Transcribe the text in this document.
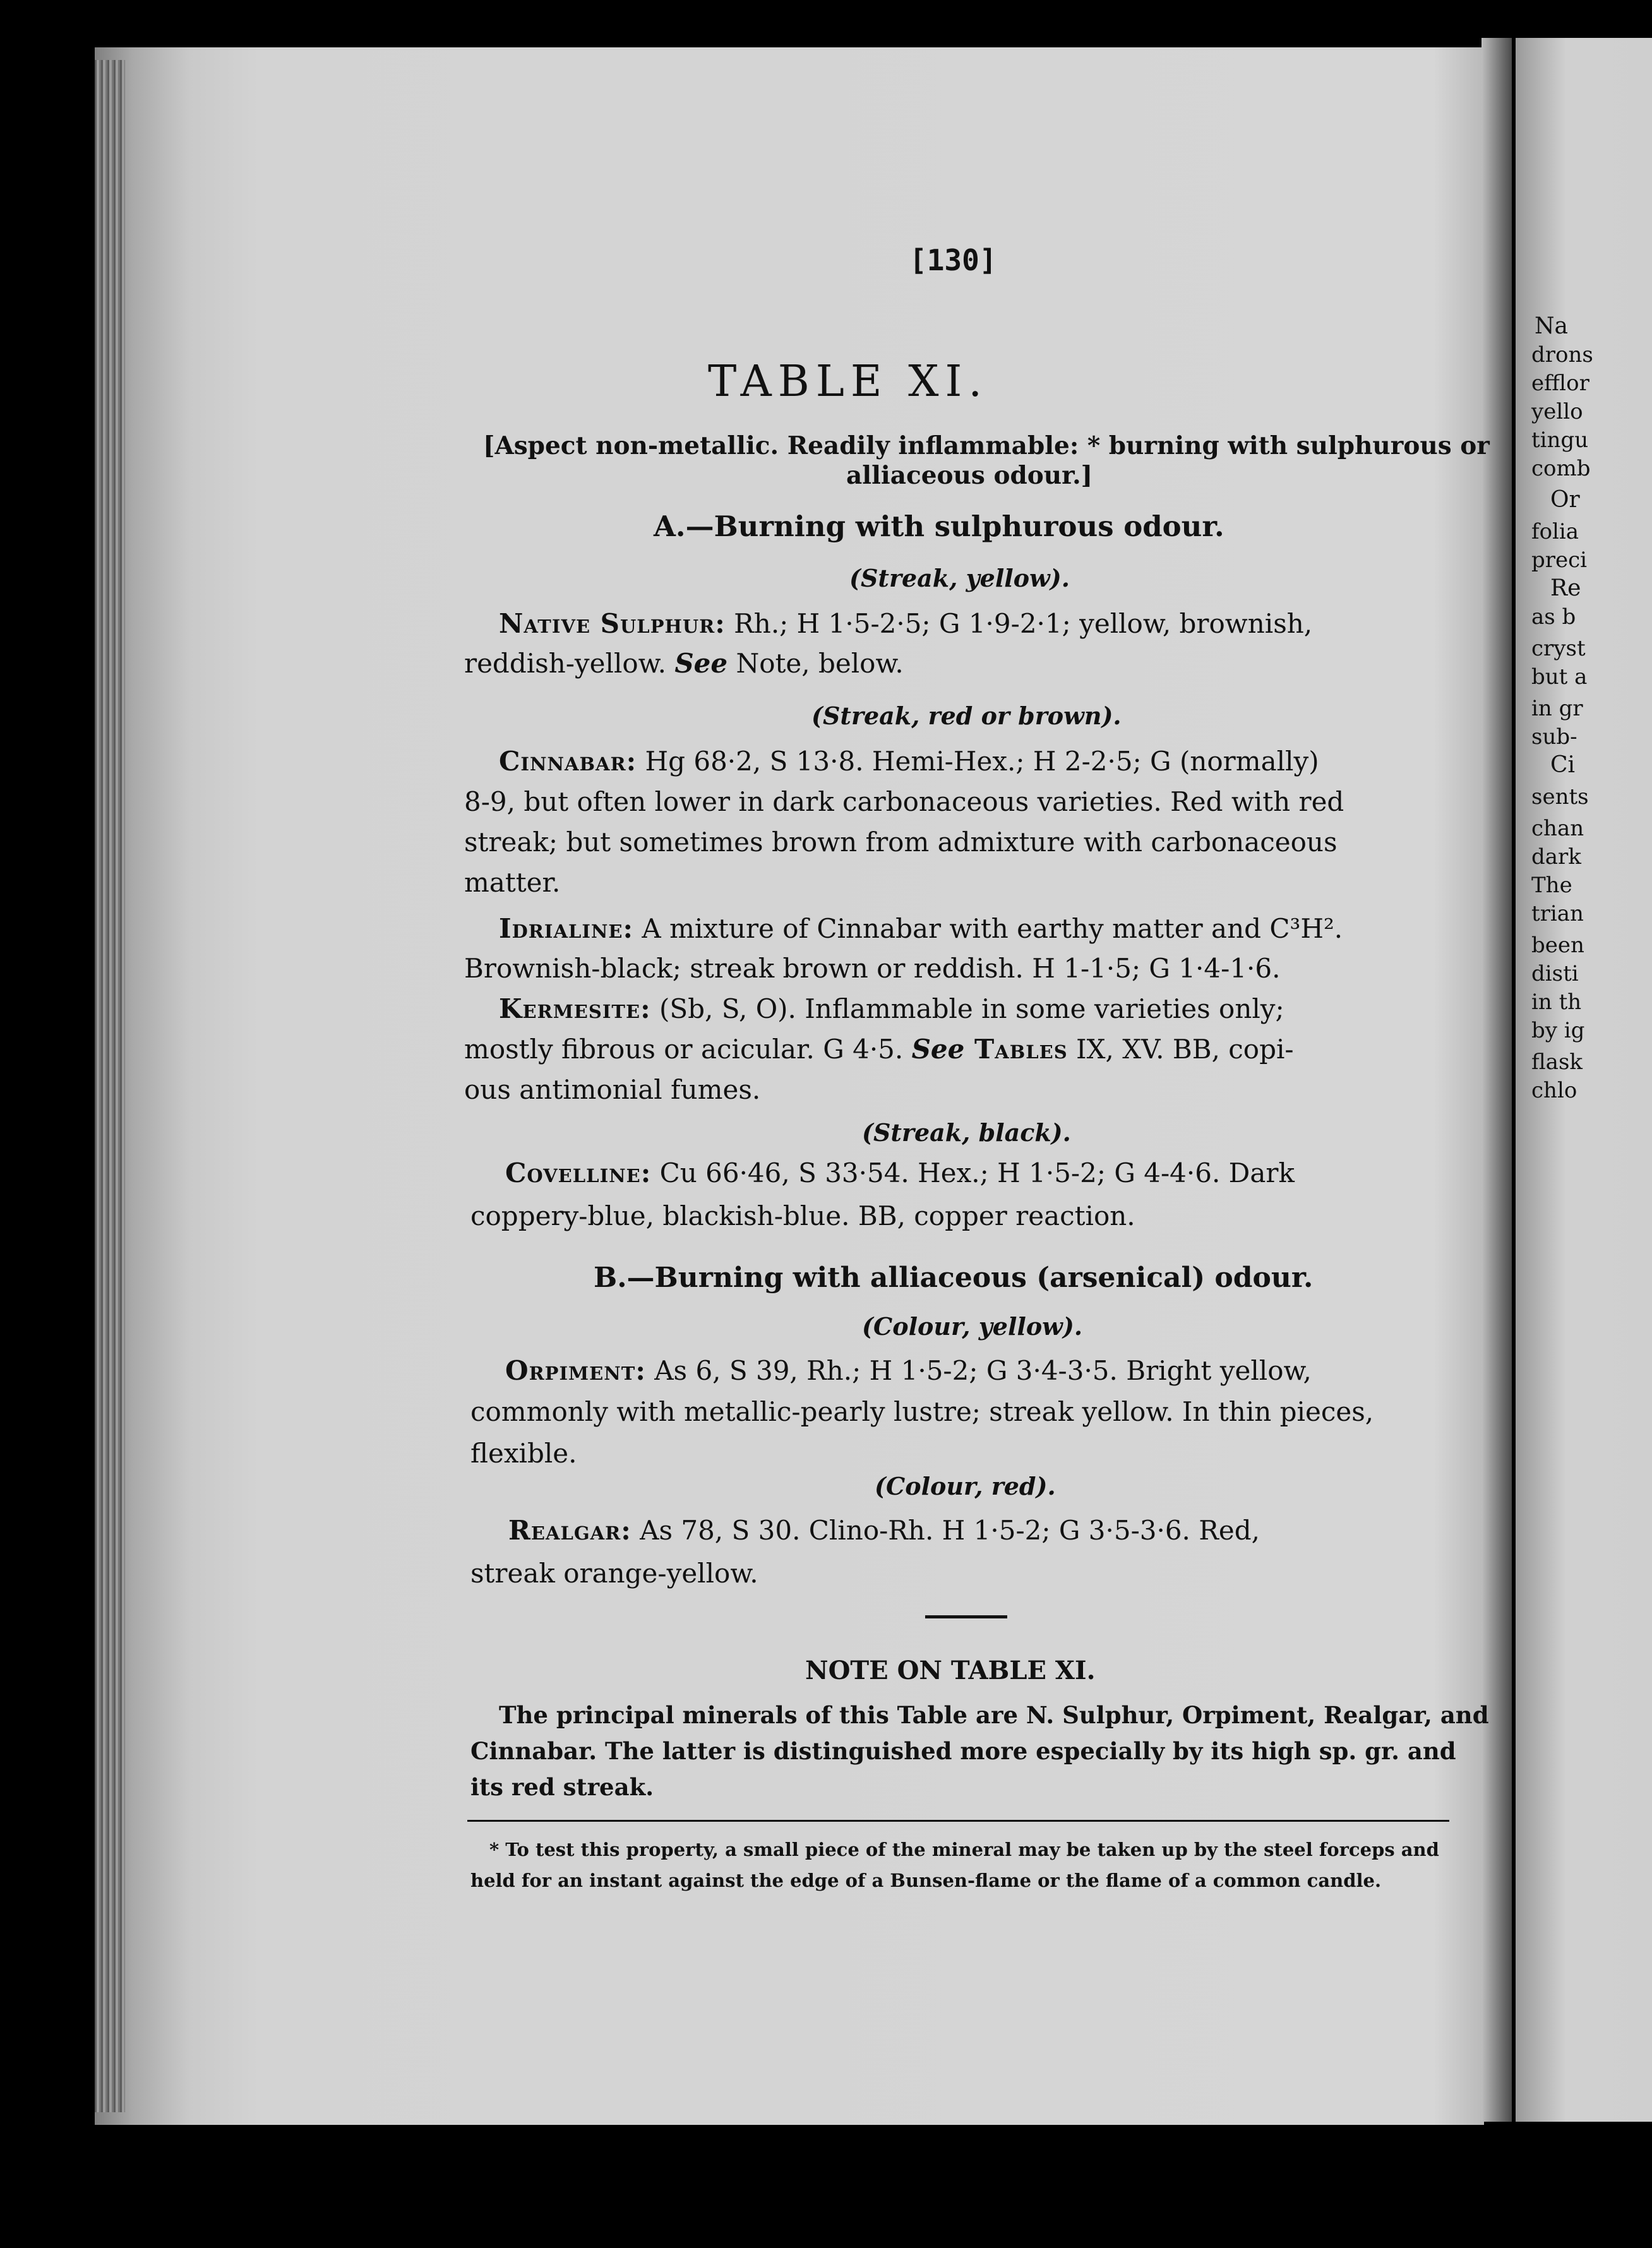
Na
drons
efflor
yello
tingu
comb
Or
folia
preci
Re
as b
cryst
but a
in gr
sub-
Ci
sents
chan
dark
The
trian
been
disti
in th
by ig
flask
chlo
[130]
TABLE XI.
[Aspect non-metallic. Readily inflammable: * burning with sulphurous or
alliaceous odour.]
A.—Burning with sulphurous odour.
(Streak, yellow).
Native Sulphur: Rh.; H 1·5-2·5; G 1·9-2·1; yellow, brownish,
reddish-yellow. See Note, below.
(Streak, red or brown).
Cinnabar: Hg 68·2, S 13·8. Hemi-Hex.; H 2-2·5; G (normally)
8-9, but often lower in dark carbonaceous varieties. Red with red
streak; but sometimes brown from admixture with carbonaceous
matter.
Idrialine: A mixture of Cinnabar with earthy matter and C³H².
Brownish-black; streak brown or reddish. H 1-1·5; G 1·4-1·6.
Kermesite: (Sb, S, O). Inflammable in some varieties only;
mostly fibrous or acicular. G 4·5. See Tables IX, XV. BB, copi-
ous antimonial fumes.
(Streak, black).
Covelline: Cu 66·46, S 33·54. Hex.; H 1·5-2; G 4-4·6. Dark
coppery-blue, blackish-blue. BB, copper reaction.
B.—Burning with alliaceous (arsenical) odour.
(Colour, yellow).
Orpiment: As 6, S 39, Rh.; H 1·5-2; G 3·4-3·5. Bright yellow,
commonly with metallic-pearly lustre; streak yellow. In thin pieces,
flexible.
(Colour, red).
Realgar: As 78, S 30. Clino-Rh. H 1·5-2; G 3·5-3·6. Red,
streak orange-yellow.
NOTE ON TABLE XI.
The principal minerals of this Table are N. Sulphur, Orpiment, Realgar, and
Cinnabar. The latter is distinguished more especially by its high sp. gr. and
its red streak.
* To test this property, a small piece of the mineral may be taken up by the steel forceps and
held for an instant against the edge of a Bunsen-flame or the flame of a common candle.
